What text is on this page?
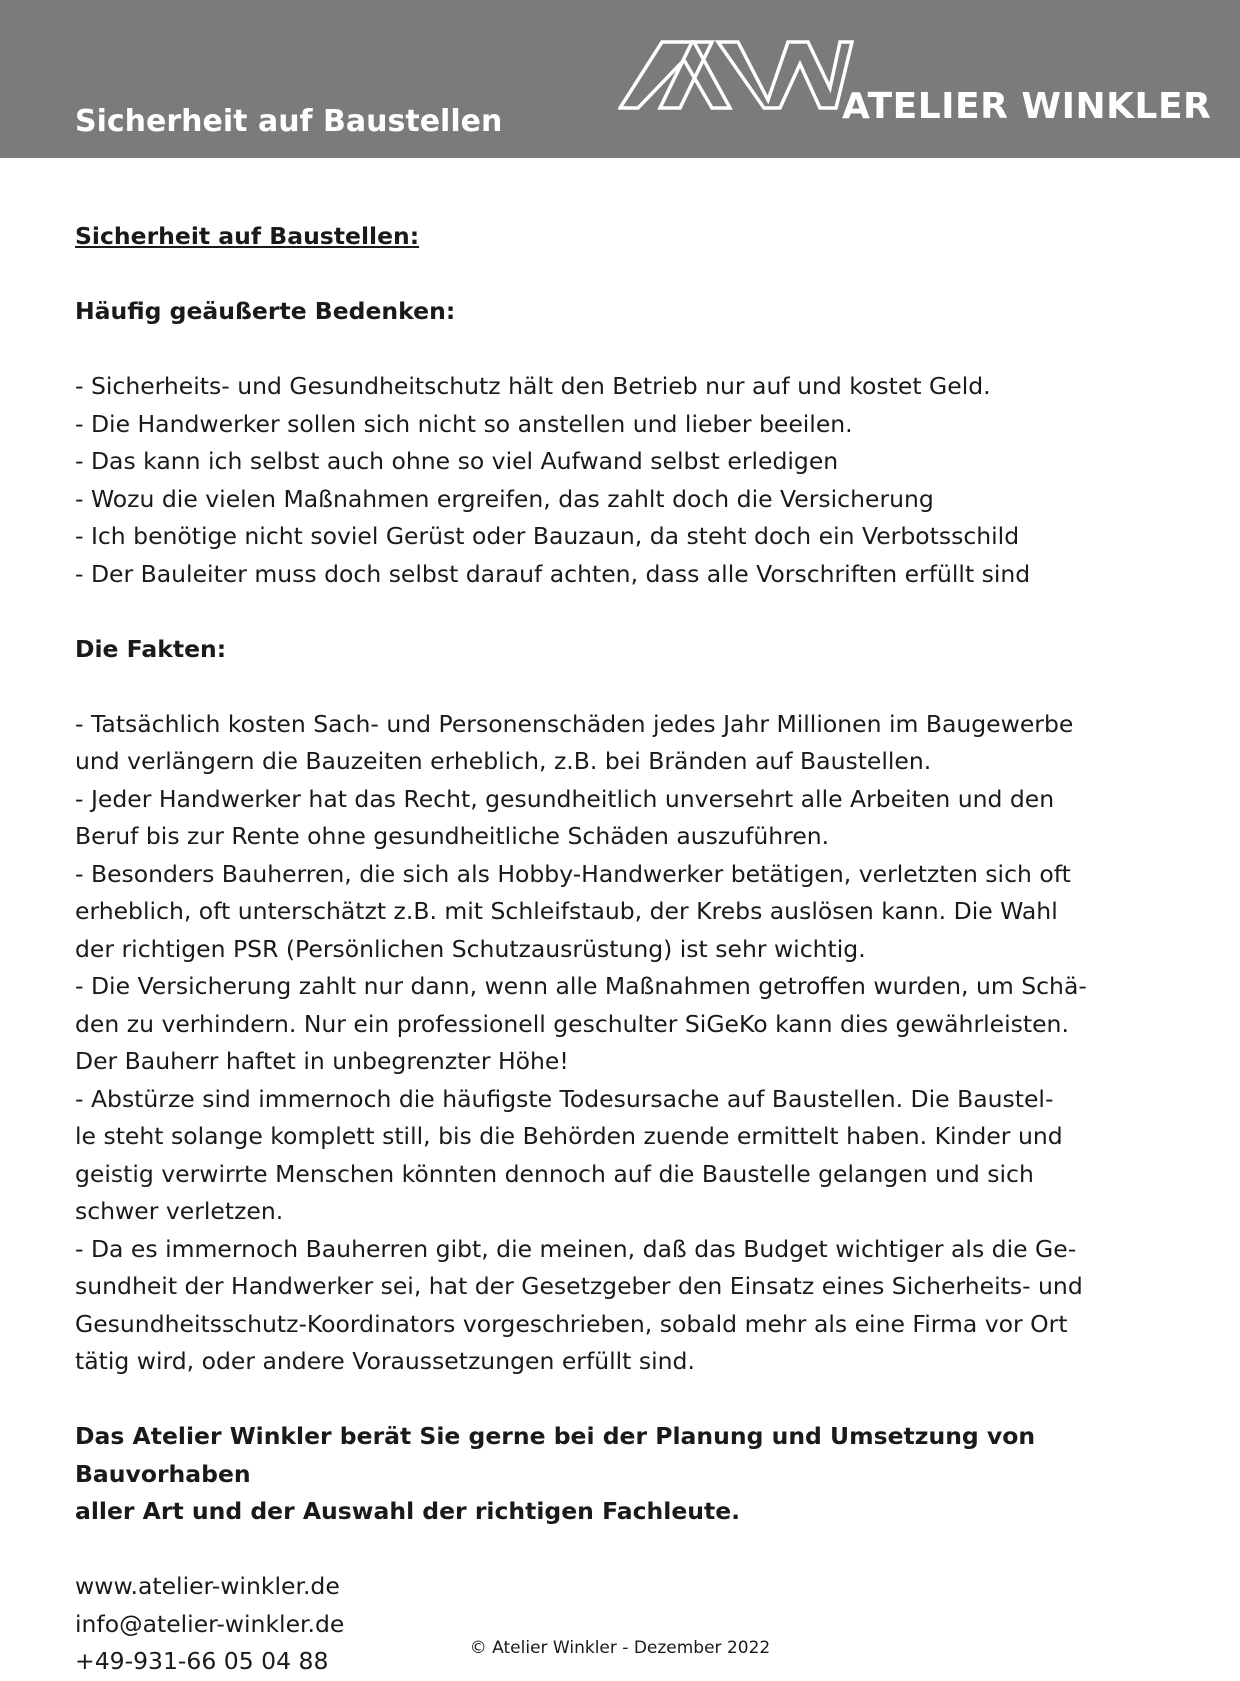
Sicherheit auf Baustellen	ATELIER WINKLER

Sicherheit auf Baustellen:

Häufig geäußerte Bedenken:

- Sicherheits- und Gesundheitschutz hält den Betrieb nur auf und kostet Geld.
- Die Handwerker sollen sich nicht so anstellen und lieber beeilen.
- Das kann ich selbst auch ohne so viel Aufwand selbst erledigen
- Wozu die vielen Maßnahmen ergreifen, das zahlt doch die Versicherung
- Ich benötige nicht soviel Gerüst oder Bauzaun, da steht doch ein Verbotsschild
- Der Bauleiter muss doch selbst darauf achten, dass alle Vorschriften erfüllt sind

Die Fakten:

- Tatsächlich kosten Sach- und Personenschäden jedes Jahr Millionen im Baugewerbe
und verlängern die Bauzeiten erheblich, z.B. bei Bränden auf Baustellen.
- Jeder Handwerker hat das Recht, gesundheitlich unversehrt alle Arbeiten und den
Beruf bis zur Rente ohne gesundheitliche Schäden auszuführen.
- Besonders Bauherren, die sich als Hobby-Handwerker betätigen, verletzten sich oft
erheblich, oft unterschätzt z.B. mit Schleifstaub, der Krebs auslösen kann. Die Wahl
der richtigen PSR (Persönlichen Schutzausrüstung) ist sehr wichtig.
- Die Versicherung zahlt nur dann, wenn alle Maßnahmen getroffen wurden, um Schä-
den zu verhindern. Nur ein professionell geschulter SiGeKo kann dies gewährleisten.
Der Bauherr haftet in unbegrenzter Höhe!
- Abstürze sind immernoch die häufigste Todesursache auf Baustellen. Die Baustel-
le steht solange komplett still, bis die Behörden zuende ermittelt haben. Kinder und
geistig verwirrte Menschen könnten dennoch auf die Baustelle gelangen und sich
schwer verletzen.
- Da es immernoch Bauherren gibt, die meinen, daß das Budget wichtiger als die Ge-
sundheit der Handwerker sei, hat der Gesetzgeber den Einsatz eines Sicherheits- und
Gesundheitsschutz-Koordinators vorgeschrieben, sobald mehr als eine Firma vor Ort
tätig wird, oder andere Voraussetzungen erfüllt sind.

Das Atelier Winkler berät Sie gerne bei der Planung und Umsetzung von Bauvorhaben

aller Art und der Auswahl der richtigen Fachleute.

www.atelier-winkler.de

info@atelier-winkler.de

+49-931-66 05 04 88	© Atelier Winkler - Dezember 2022
